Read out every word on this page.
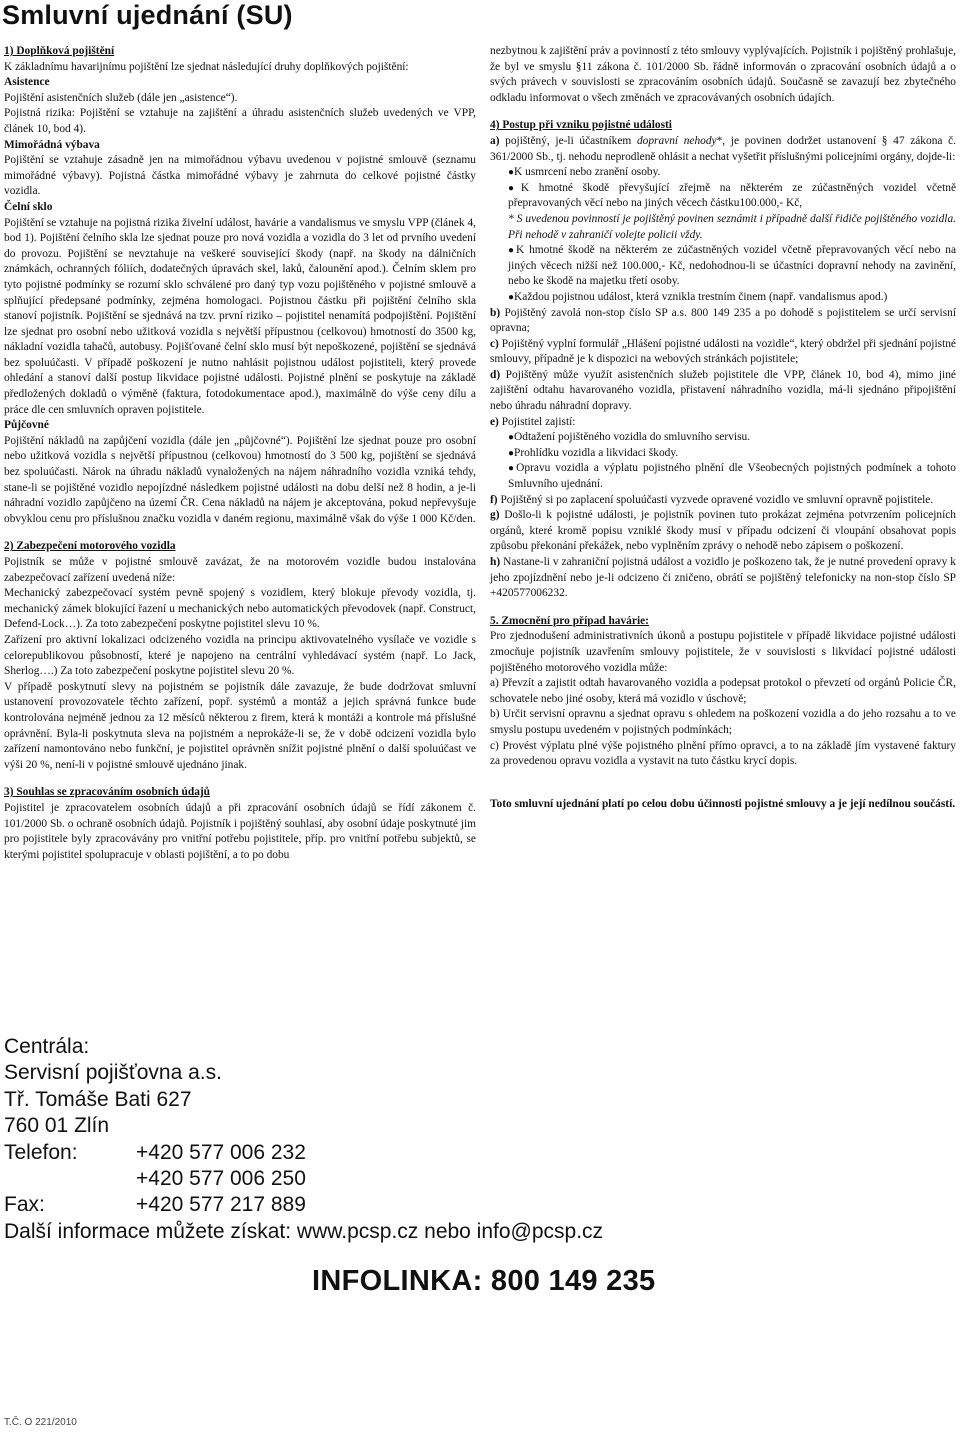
Smluvní ujednání (SU)

1) Doplňková pojištění

K základnímu havarijnímu pojištění lze sjednat následující druhy doplňkových pojištění:

Asistence

Pojištění asistenčních služeb (dále jen „asistence“).

Pojistná rizika: Pojištění se vztahuje na zajištění a úhradu asistenčních služeb uvedených ve VPP, článek 10, bod 4).

Mimořádná výbava

Pojištění se vztahuje zásadně jen na mimořádnou výbavu uvedenou v pojistné smlouvě (seznamu mimořádné výbavy). Pojistná částka mimořádné výbavy je zahrnuta do celkové pojistné částky vozidla.

Čelní sklo

Pojištění se vztahuje na pojistná rizika živelní událost, havárie a vandalismus ve smyslu VPP (článek 4, bod 1). Pojištění čelního skla lze sjednat pouze pro nová vozidla a vozidla do 3 let od prvního uvedení do provozu. Pojištění se nevztahuje na veškeré související škody (např. na škody na dálničních známkách, ochranných fóliích, dodatečných úpravách skel, laků, čalounění apod.). Čelním sklem pro tyto pojistné podmínky se rozumí sklo schválené pro daný typ vozu pojištěného v pojistné smlouvě a splňující předepsané podmínky, zejména homologaci. Pojistnou částku při pojištění čelního skla stanoví pojistník. Pojištění se sjednává na tzv. první riziko – pojistitel nenamítá podpojištění. Pojištění lze sjednat pro osobní nebo užitková vozidla s největší přípustnou (celkovou) hmotností do 3500 kg, nákladní vozidla tahačů, autobusy. Pojišťované čelní sklo musí být nepoškozené, pojištění se sjednává bez spoluúčasti. V případě poškození je nutno nahlásit pojistnou událost pojistiteli, který provede ohledání a stanoví další postup likvidace pojistné události. Pojistné plnění se poskytuje na základě předložených dokladů o výměně (faktura, fotodokumentace apod.), maximálně do výše ceny dílu a práce dle cen smluvních opraven pojistitele.

Půjčovné

Pojištění nákladů na zapůjčení vozidla (dále jen „půjčovné“). Pojištění lze sjednat pouze pro osobní nebo užitková vozidla s největší přípustnou (celkovou) hmotností do 3 500 kg, pojištění se sjednává bez spoluúčasti. Nárok na úhradu nákladů vynaložených na nájem náhradního vozidla vzniká tehdy, stane-li se pojištěné vozidlo nepojízdné následkem pojistné události na dobu delší než 8 hodin, a je-li náhradní vozidlo zapůjčeno na území ČR. Cena nákladů na nájem je akceptována, pokud nepřevyšuje obvyklou cenu pro příslušnou značku vozidla v daném regionu, maximálně však do výše 1 000 Kč/den.

2) Zabezpečení motorového vozidla

Pojistník se může v pojistné smlouvě zavázat, že na motorovém vozidle budou instalována zabezpečovací zařízení uvedená níže:

Mechanický zabezpečovací systém pevně spojený s vozidlem, který blokuje převody vozidla, tj. mechanický zámek blokující řazení u mechanických nebo automatických převodovek (např. Construct, Defend-Lock…). Za toto zabezpečení poskytne pojistitel slevu 10 %.

Zařízení pro aktivní lokalizaci odcizeného vozidla na principu aktivovatelného vysílače ve vozidle s celorepublikovou působností, které je napojeno na centrální vyhledávací systém (např. Lo Jack, Sherlog….) Za toto zabezpečení poskytne pojistitel slevu 20 %.

V případě poskytnutí slevy na pojistném se pojistník dále zavazuje, že bude dodržovat smluvní ustanovení provozovatele těchto zařízení, popř. systémů a montáž a jejich správná funkce bude kontrolována nejméně jednou za 12 měsíců některou z firem, která k montáži a kontrole má příslušné oprávnění. Byla-li poskytnuta sleva na pojistném a neprokáže-li se, že v době odcizení vozidla bylo zařízení namontováno nebo funkční, je pojistitel oprávněn snížit pojistné plnění o další spoluúčast ve výši 20 %, není-li v pojistné smlouvě ujednáno jinak.

3) Souhlas se zpracováním osobních údajů

Pojistitel je zpracovatelem osobních údajů a při zpracování osobních údajů se řídí zákonem č. 101/2000 Sb. o ochraně osobních údajů. Pojistník i pojištěný souhlasí, aby osobní údaje poskytnuté jim pro pojistitele byly zpracovávány pro vnitřní potřebu pojistitele, příp. pro vnitřní potřebu subjektů, se kterými pojistitel spolupracuje v oblasti pojištění, a to po dobu

nezbytnou k zajištění práv a povinností z této smlouvy vyplývajících. Pojistník i pojištěný prohlašuje, že byl ve smyslu §11 zákona č. 101/2000 Sb. řádně informován o zpracování osobních údajů a o svých právech v souvislosti se zpracováním osobních údajů. Současně se zavazují bez zbytečného odkladu informovat o všech změnách ve zpracovávaných osobních údajích.

4) Postup při vzniku pojistné události

a) pojištěný, je-li účastníkem dopravní nehody*, je povinen dodržet ustanovení § 47 zákona č. 361/2000 Sb., tj. nehodu neprodleně ohlásit a nechat vyšetřit příslušnými policejními orgány, dojde-li:

● K usmrcení nebo zranění osoby.

● K hmotné škodě převyšující zřejmě na některém ze zúčastněných vozidel včetně přepravovaných věcí nebo na jiných věcech částku100.000,- Kč,

* S uvedenou povinností je pojištěný povinen seznámit i případně další řidiče pojištěného vozidla. Při nehodě v zahraničí volejte policii vždy.

● K hmotné škodě na některém ze zúčastněných vozidel včetně přepravovaných věcí nebo na jiných věcech nižší než 100.000,- Kč, nedohodnou-li se účastníci dopravní nehody na zavinění, nebo ke škodě na majetku třetí osoby.

● Každou pojistnou událost, která vznikla trestním činem (např. vandalismus apod.)

b) Pojištěný zavolá non-stop číslo SP a.s. 800 149 235 a po dohodě s pojistitelem se určí servisní opravna;

c) Pojištěný vyplní formulář „Hlášení pojistné události na vozidle“, který obdržel při sjednání pojistné smlouvy, případně je k dispozici na webových stránkách pojistitele;

d) Pojištěný může využít asistenčních služeb pojistitele dle VPP, článek 10, bod 4), mimo jiné zajištění odtahu havarovaného vozidla, přistavení náhradního vozidla, má-li sjednáno připojištění nebo úhradu náhradní dopravy.

e) Pojistitel zajistí:

● Odtažení pojištěného vozidla do smluvního servisu.

● Prohlídku vozidla a likvidaci škody.

● Opravu vozidla a výplatu pojistného plnění dle Všeobecných pojistných podmínek a tohoto Smluvního ujednání.

f) Pojištěný si po zaplacení spoluúčasti vyzvede opravené vozidlo ve smluvní opravně pojistitele.

g) Došlo-li k pojistné události, je pojistník povinen tuto prokázat zejména potvrzením policejních orgánů, které kromě popisu vzniklé škody musí v případu odcizení či vloupání obsahovat popis způsobu překonání překážek, nebo vyplněním zprávy o nehodě nebo zápisem o poškození.

h) Nastane-li v zahraniční pojistná událost a vozidlo je poškozeno tak, že je nutné provedení opravy k jeho zpojízdnění nebo je-li odcizeno či zničeno, obrátí se pojištěný telefonicky na non-stop číslo SP +420577006232.

5. Zmocnění pro případ havárie:

Pro zjednodušení administrativních úkonů a postupu pojistitele v případě likvidace pojistné události zmocňuje pojistník uzavřením smlouvy pojistitele, že v souvislosti s likvidací pojistné události pojištěného motorového vozidla může:

a) Převzít a zajistit odtah havarovaného vozidla a podepsat protokol o převzetí od orgánů Policie ČR, schovatele nebo jiné osoby, která má vozidlo v úschově;

b) Určit servisní opravnu a sjednat opravu s ohledem na poškození vozidla a do jeho rozsahu a to ve smyslu postupu uvedeném v pojistných podmínkách;

c) Provést výplatu plné výše pojistného plnění přímo opravci, a to na základě jím vystavené faktury za provedenou opravu vozidla a vystavit na tuto částku krycí dopis.

Toto smluvní ujednání platí po celou dobu účinnosti pojistné smlouvy a je její nedílnou součástí.

Centrála:
Servisní pojišťovna a.s.
Tř. Tomáše Bati 627
760 01 Zlín
Telefon:	+420 577 006 232
+420 577 006 250
Fax:	+420 577 217 889
Další informace můžete získat: www.pcsp.cz nebo info@pcsp.cz
INFOLINKA: 800 149 235
T.Č. O 221/2010
